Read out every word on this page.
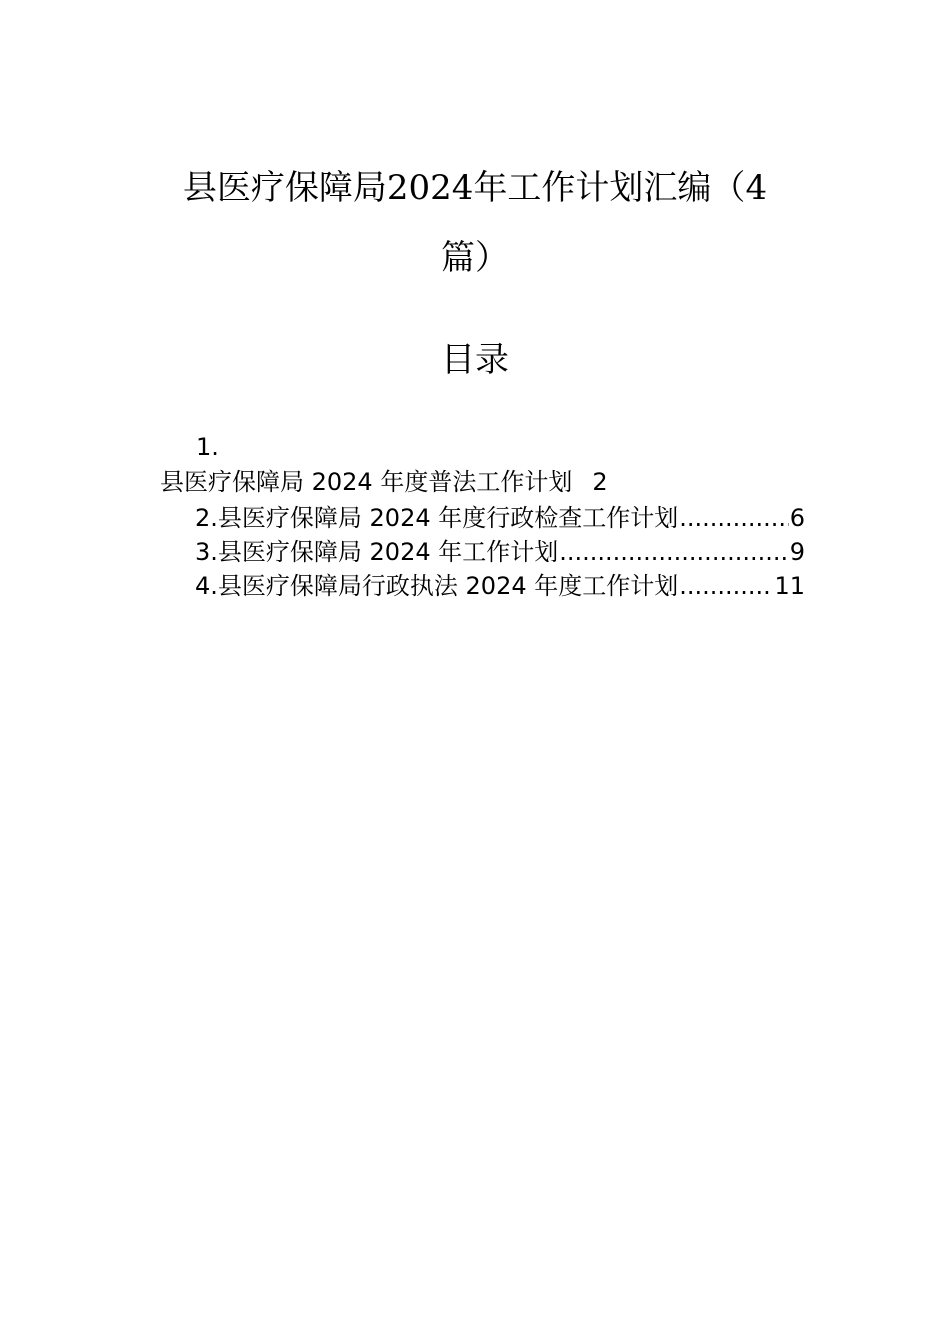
县医疗保障局2024年工作计划汇编（4
篇）
目录
1.
县医疗保障局 2024 年度普法工作计划 2
2.县医疗保障局 2024 年度行政检查工作计划 .....	6
3.县医疗保障局 2024 年工作计划 .....	9
4.县医疗保障局行政执法 2024 年度工作计划 .....	11
